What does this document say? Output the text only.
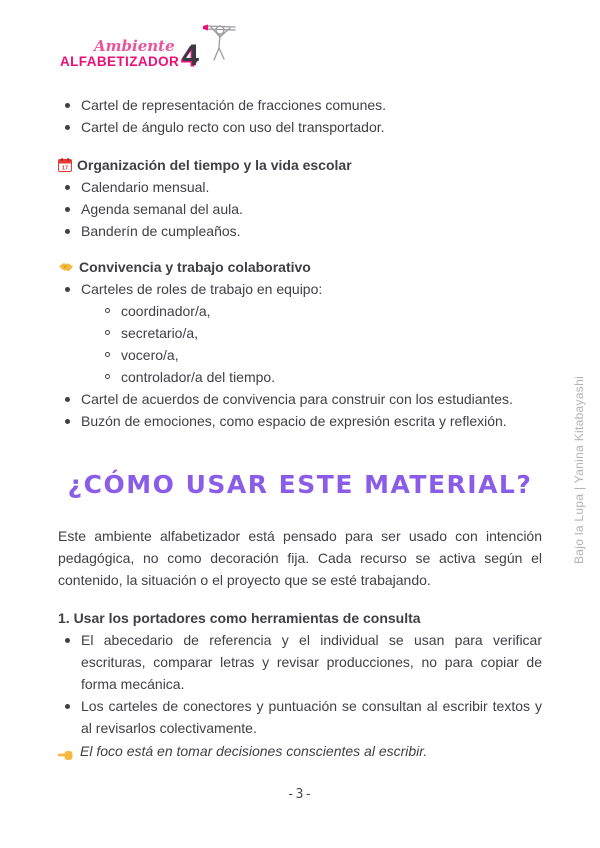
Ambiente
ALFABETIZADOR 4
Cartel de representación de fracciones comunes.
Cartel de ángulo recto con uso del transportador.
17 Organización del tiempo y la vida escolar
Calendario mensual.
Agenda semanal del aula.
Banderín de cumpleaños.
Convivencia y trabajo colaborativo
Carteles de roles de trabajo en equipo:
coordinador/a,
secretario/a,
vocero/a,
controlador/a del tiempo.
Cartel de acuerdos de convivencia para construir con los estudiantes.
Buzón de emociones, como espacio de expresión escrita y reflexión.
¿CÓMO USAR ESTE MATERIAL?

Este ambiente alfabetizador está pensado para ser usado con intención pedagógica, no como decoración fija. Cada recurso se activa según el contenido, la situación o el proyecto que se esté trabajando.

1. Usar los portadores como herramientas de consulta
El abecedario de referencia y el individual se usan para verificar escrituras, comparar letras y revisar producciones, no para copiar de forma mecánica.
Los carteles de conectores y puntuación se consultan al escribir textos y al revisarlos colectivamente.
El foco está en tomar decisiones conscientes al escribir.
Bajo la Lupa | Yanina Kitabayashi
-3-
